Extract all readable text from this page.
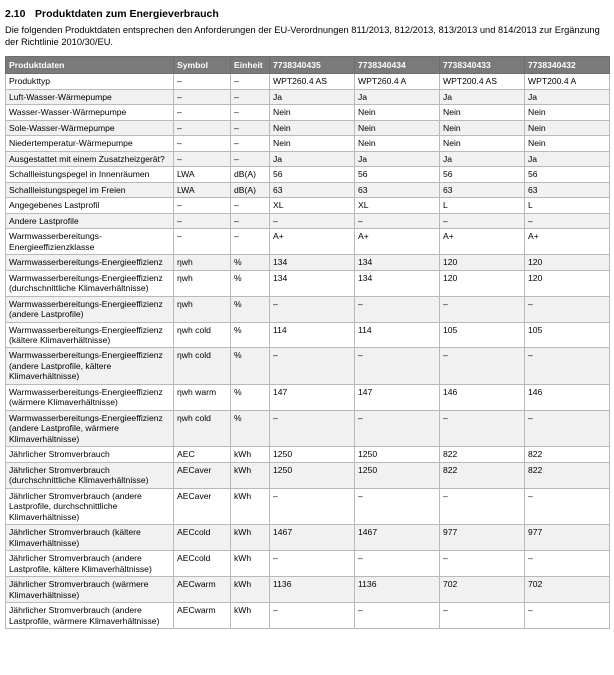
2.10 Produktdaten zum Energieverbrauch

Die folgenden Produktdaten entsprechen den Anforderungen der EU-Verordnungen 811/2013, 812/2013, 813/2013 und 814/2013 zur Ergänzung der Richtlinie 2010/30/EU.

Produktdaten	Symbol	Einheit	7738340435	7738340434	7738340433	7738340432
Produkttyp	–	–	WPT260.4 AS	WPT260.4 A	WPT200.4 AS	WPT200.4 A
Luft-Wasser-Wärmepumpe	–	–	Ja	Ja	Ja	Ja
Wasser-Wasser-Wärmepumpe	–	–	Nein	Nein	Nein	Nein
Sole-Wasser-Wärmepumpe	–	–	Nein	Nein	Nein	Nein
Niedertemperatur-Wärmepumpe	–	–	Nein	Nein	Nein	Nein
Ausgestattet mit einem Zusatzheizgerät?	–	–	Ja	Ja	Ja	Ja
Schallleistungspegel in Innenräumen	LWA	dB(A)	56	56	56	56
Schallleistungspegel im Freien	LWA	dB(A)	63	63	63	63
Angegebenes Lastprofil	–	–	XL	XL	L	L
Andere Lastprofile	–	–	–	–	–	–
Warmwasserbereitungs-Energieeffizienzklasse	–	–	A+	A+	A+	A+
Warmwasserbereitungs-Energieeffizienz	ηwh	%	134	134	120	120
Warmwasserbereitungs-Energieeffizienz (durchschnittliche Klimaverhältnisse)	ηwh	%	134	134	120	120
Warmwasserbereitungs-Energieeffizienz (andere Lastprofile)	ηwh	%	–	–	–	–
Warmwasserbereitungs-Energieeffizienz (kältere Klimaverhältnisse)	ηwh cold	%	114	114	105	105
Warmwasserbereitungs-Energieeffizienz (andere Lastprofile, kältere Klimaverhältnisse)	ηwh cold	%	–	–	–	–
Warmwasserbereitungs-Energieeffizienz (wärmere Klimaverhältnisse)	ηwh warm	%	147	147	146	146
Warmwasserbereitungs-Energieeffizienz (andere Lastprofile, wärmere Klimaverhältnisse)	ηwh cold	%	–	–	–	–
Jährlicher Stromverbrauch	AEC	kWh	1250	1250	822	822
Jährlicher Stromverbrauch (durchschnittliche Klimaverhältnisse)	AECaver	kWh	1250	1250	822	822
Jährlicher Stromverbrauch (andere Lastprofile, durchschnittliche Klimaverhältnisse)	AECaver	kWh	–	–	–	–
Jährlicher Stromverbrauch (kältere Klimaverhältnisse)	AECcold	kWh	1467	1467	977	977
Jährlicher Stromverbrauch (andere Lastprofile, kältere Klimaverhältnisse)	AECcold	kWh	–	–	–	–
Jährlicher Stromverbrauch (wärmere Klimaverhältnisse)	AECwarm	kWh	1136	1136	702	702
Jährlicher Stromverbrauch (andere Lastprofile, wärmere Klimaverhältnisse)	AECwarm	kWh	–	–	–	–
